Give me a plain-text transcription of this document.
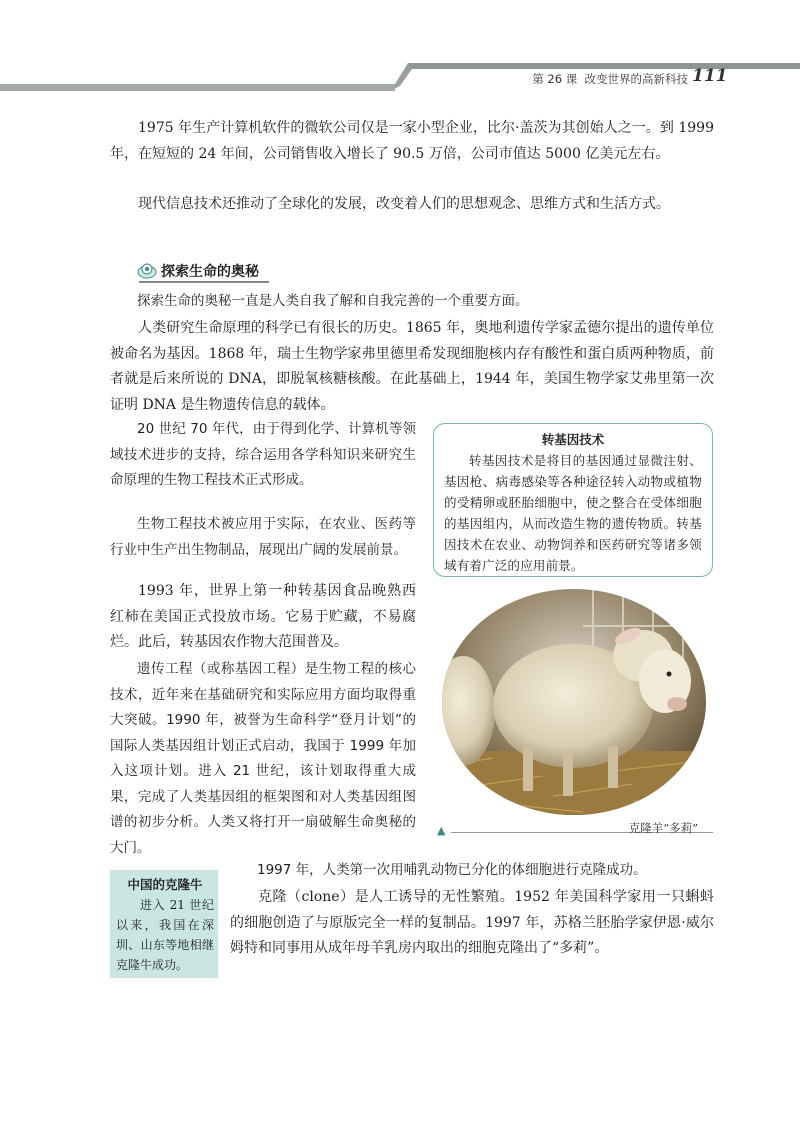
第 26 课 改变世界的高新科技 111

1975 年生产计算机软件的微软公司仅是一家小型企业，比尔·盖茨为其创始人之一。到 1999 年，在短短的 24 年间，公司销售收入增长了 90.5 万倍，公司市值达 5000 亿美元左右。

现代信息技术还推动了全球化的发展，改变着人们的思想观念、思维方式和生活方式。

探索生命的奥秘

探索生命的奥秘一直是人类自我了解和自我完善的一个重要方面。

人类研究生命原理的科学已有很长的历史。1865 年，奥地利遗传学家孟德尔提出的遗传单位被命名为基因。1868 年，瑞士生物学家弗里德里希发现细胞核内存有酸性和蛋白质两种物质，前者就是后来所说的 DNA，即脱氧核糖核酸。在此基础上，1944 年，美国生物学家艾弗里第一次证明 DNA 是生物遗传信息的载体。

20 世纪 70 年代，由于得到化学、计算机等领域技术进步的支持，综合运用各学科知识来研究生命原理的生物工程技术正式形成。

生物工程技术被应用于实际，在农业、医药等行业中生产出生物制品，展现出广阔的发展前景。

1993 年，世界上第一种转基因食品晚熟西红柿在美国正式投放市场。它易于贮藏，不易腐烂。此后，转基因农作物大范围普及。

遗传工程（或称基因工程）是生物工程的核心技术，近年来在基础研究和实际应用方面均取得重大突破。1990 年，被誉为生命科学“登月计划”的国际人类基因组计划正式启动，我国于 1999 年加入这项计划。进入 21 世纪，该计划取得重大成果，完成了人类基因组的框架图和对人类基因组图谱的初步分析。人类又将打开一扇破解生命奥秘的大门。

转基因技术

转基因技术是将目的基因通过显微注射、基因枪、病毒感染等各种途径转入动物或植物的受精卵或胚胎细胞中，使之整合在受体细胞的基因组内，从而改造生物的遗传物质。转基因技术在农业、动物饲养和医药研究等诸多领域有着广泛的应用前景。

▲	克隆羊“多莉”

中国的克隆牛

进入 21 世纪以来，我国在深圳、山东等地相继克隆牛成功。

1997 年，人类第一次用哺乳动物已分化的体细胞进行克隆成功。

克隆（clone）是人工诱导的无性繁殖。1952 年美国科学家用一只蝌蚪的细胞创造了与原版完全一样的复制品。1997 年，苏格兰胚胎学家伊恩·威尔姆特和同事用从成年母羊乳房内取出的细胞克隆出了“多莉”。
